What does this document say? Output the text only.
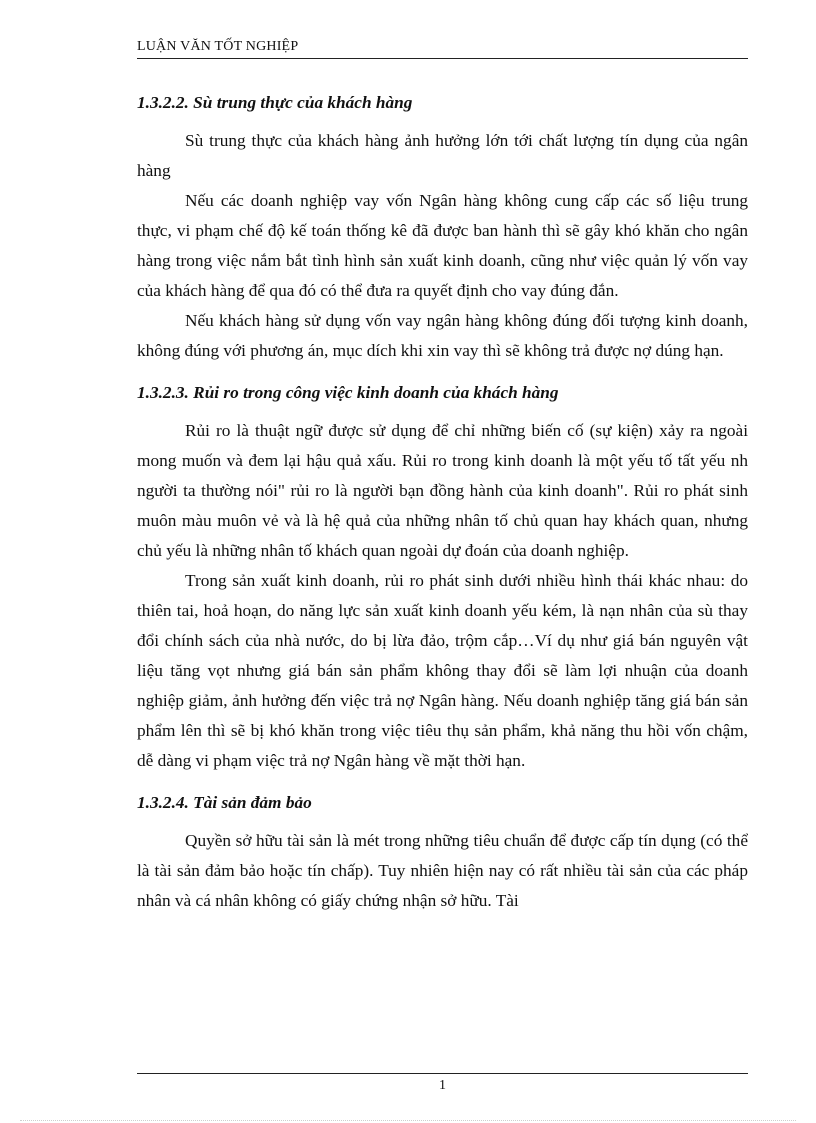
LUẬN VĂN TỐT NGHIỆP

1.3.2.2. Sù trung thực của khách hàng

Sù trung thực của khách hàng ảnh hưởng lớn tới chất lượng tín dụng của ngân hàng

Nếu các doanh nghiệp vay vốn Ngân hàng không cung cấp các số liệu trung thực, vi phạm chế độ kế toán thống kê đã được ban hành thì sẽ gây khó khăn cho ngân hàng trong việc nắm bắt tình hình sản xuất kinh doanh, cũng như việc quản lý vốn vay của khách hàng để qua đó có thể đưa ra quyết định cho vay đúng đắn.

Nếu khách hàng sử dụng vốn vay ngân hàng không đúng đối tượng kinh doanh, không đúng với phương án, mục dích khi xin vay thì sẽ không trả được nợ dúng hạn.

1.3.2.3. Rủi ro trong công việc kinh doanh của khách hàng

Rủi ro là thuật ngữ được sử dụng để chỉ những biến cố (sự kiện) xảy ra ngoài mong muốn và đem lại hậu quả xấu. Rủi ro trong kinh doanh là một yếu tố tất yếu nh người ta thường nói" rủi ro là người bạn đồng hành của kinh doanh". Rủi ro phát sinh muôn màu muôn vẻ và là hệ quả của những nhân tố chủ quan hay khách quan, nhưng chủ yếu là những nhân tố khách quan ngoài dự đoán của doanh nghiệp.

Trong sản xuất kinh doanh, rủi ro phát sinh dưới nhiều hình thái khác nhau: do thiên tai, hoả hoạn, do năng lực sản xuất kinh doanh yếu kém, là nạn nhân của sù thay đổi chính sách của nhà nước, do bị lừa đảo, trộm cắp…Ví dụ như giá bán nguyên vật liệu tăng vọt nhưng giá bán sản phẩm không thay đổi sẽ làm lợi nhuận của doanh nghiệp giảm, ảnh hưởng đến việc trả nợ Ngân hàng. Nếu doanh nghiệp tăng giá bán sản phẩm lên thì sẽ bị khó khăn trong việc tiêu thụ sản phẩm, khả năng thu hồi vốn chậm, dễ dàng vi phạm việc trả nợ Ngân hàng về mặt thời hạn.

1.3.2.4. Tài sản đảm bảo

Quyền sở hữu tài sản là mét trong những tiêu chuẩn để được cấp tín dụng (có thể là tài sản đảm bảo hoặc tín chấp). Tuy nhiên hiện nay có rất nhiều tài sản của các pháp nhân và cá nhân không có giấy chứng nhận sở hữu. Tài

1
